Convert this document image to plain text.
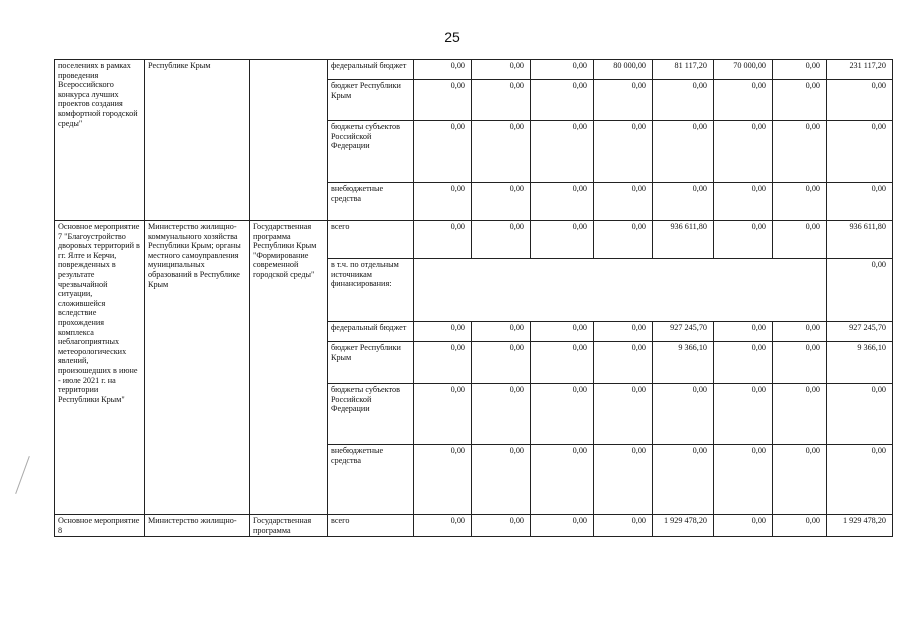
25
поселениях в рамках проведения Всероссийского конкурса лучших проектов создания комфортной городской среды"	Республике Крым		федеральный бюджет	0,00	0,00	0,00	80 000,00	81 117,20	70 000,00	0,00	231 117,20
			бюджет Республики Крым	0,00	0,00	0,00	0,00	0,00	0,00	0,00	0,00
			бюджеты субъектов Российской Федерации	0,00	0,00	0,00	0,00	0,00	0,00	0,00	0,00
			внебюджетные средства	0,00	0,00	0,00	0,00	0,00	0,00	0,00	0,00
Основное мероприятие 7 "Благоустройство дворовых территорий в гг. Ялте и Керчи, поврежденных в результате чрезвычайной ситуации, сложившейся вследствие прохождения комплекса неблагоприятных метеорологических явлений, произошедших в июне - июле 2021 г. на территории Республики Крым"	Министерство жилищно-коммунального хозяйства Республики Крым; органы местного самоуправления муниципальных образований в Республике Крым	Государственная программа Республики Крым "Формирование современной городской среды"	всего	0,00	0,00	0,00	0,00	936 611,80	0,00	0,00	936 611,80
			в т.ч. по отдельным источникам финансирования:								0,00
			федеральный бюджет	0,00	0,00	0,00	0,00	927 245,70	0,00	0,00	927 245,70
			бюджет Республики Крым	0,00	0,00	0,00	0,00	9 366,10	0,00	0,00	9 366,10
			бюджеты субъектов Российской Федерации	0,00	0,00	0,00	0,00	0,00	0,00	0,00	0,00
			внебюджетные средства	0,00	0,00	0,00	0,00	0,00	0,00	0,00	0,00
Основное мероприятие 8	Министерство жилищно-	Государственная программа	всего	0,00	0,00	0,00	0,00	1 929 478,20	0,00	0,00	1 929 478,20
